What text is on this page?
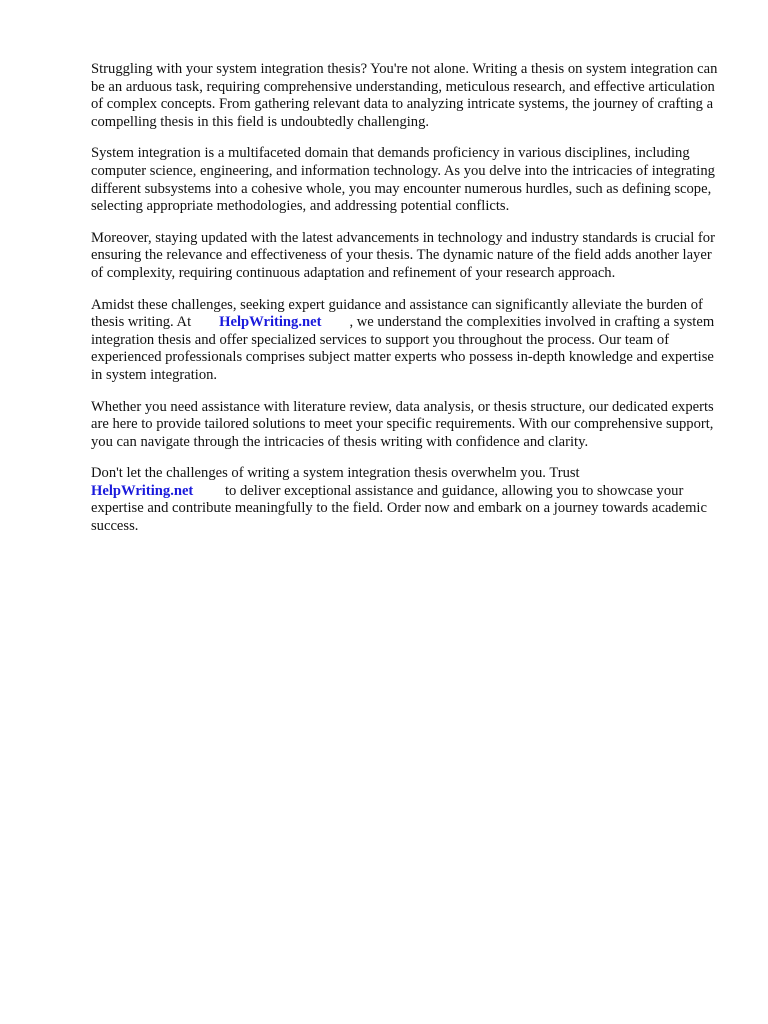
Struggling with your system integration thesis? You're not alone. Writing a thesis on system integration can be an arduous task, requiring comprehensive understanding, meticulous research, and effective articulation of complex concepts. From gathering relevant data to analyzing intricate systems, the journey of crafting a compelling thesis in this field is undoubtedly challenging.

System integration is a multifaceted domain that demands proficiency in various disciplines, including computer science, engineering, and information technology. As you delve into the intricacies of integrating different subsystems into a cohesive whole, you may encounter numerous hurdles, such as defining scope, selecting appropriate methodologies, and addressing potential conflicts.

Moreover, staying updated with the latest advancements in technology and industry standards is crucial for ensuring the relevance and effectiveness of your thesis. The dynamic nature of the field adds another layer of complexity, requiring continuous adaptation and refinement of your research approach.

Amidst these challenges, seeking expert guidance and assistance can significantly alleviate the burden of thesis writing. At HelpWriting.net , we understand the complexities involved in crafting a system integration thesis and offer specialized services to support you throughout the process. Our team of experienced professionals comprises subject matter experts who possess in-depth knowledge and expertise in system integration.

Whether you need assistance with literature review, data analysis, or thesis structure, our dedicated experts are here to provide tailored solutions to meet your specific requirements. With our comprehensive support, you can navigate through the intricacies of thesis writing with confidence and clarity.

Don't let the challenges of writing a system integration thesis overwhelm you. Trust
HelpWriting.net to deliver exceptional assistance and guidance, allowing you to showcase your expertise and contribute meaningfully to the field. Order now and embark on a journey towards academic success.
